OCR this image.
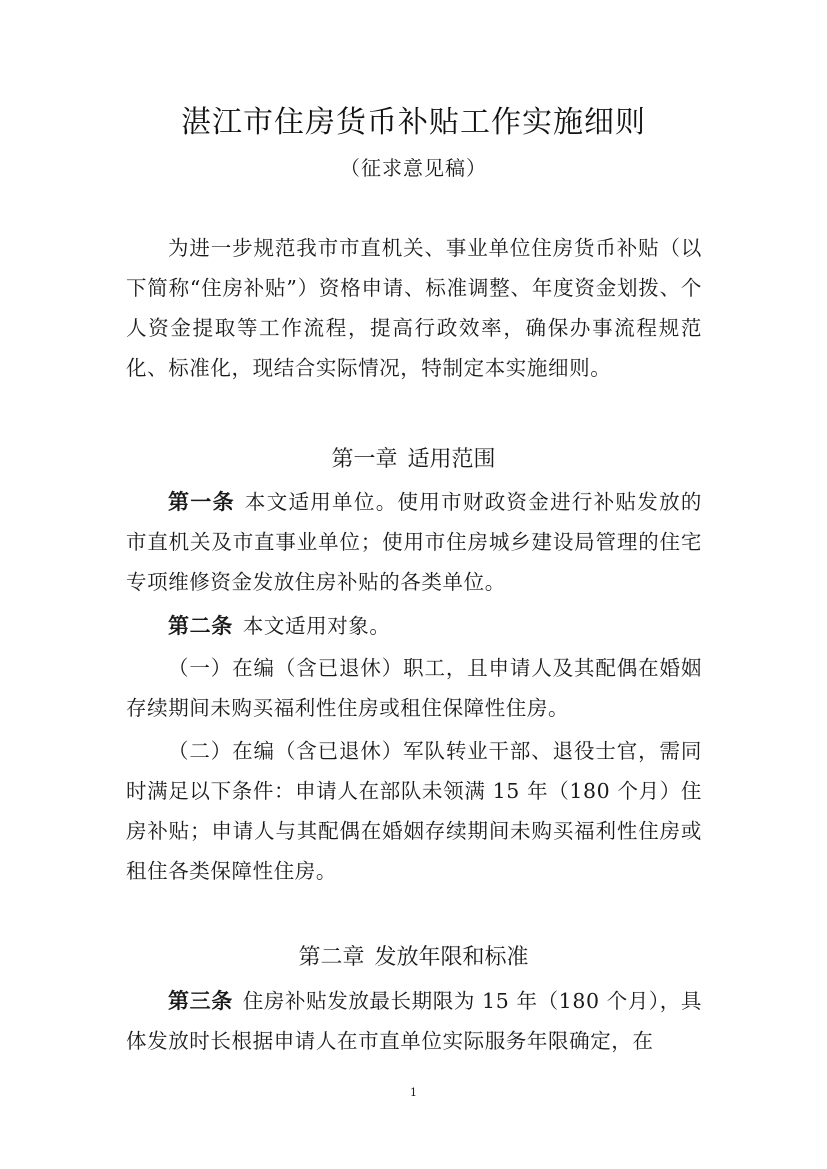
湛江市住房货币补贴工作实施细则
（征求意见稿）
为进一步规范我市市直机关、事业单位住房货币补贴（以下简称“住房补贴”）资格申请、标准调整、年度资金划拨、个人资金提取等工作流程，提高行政效率，确保办事流程规范化、标准化，现结合实际情况，特制定本实施细则。
第一章 适用范围
第一条 本文适用单位。使用市财政资金进行补贴发放的市直机关及市直事业单位；使用市住房城乡建设局管理的住宅专项维修资金发放住房补贴的各类单位。
第二条 本文适用对象。
（一）在编（含已退休）职工，且申请人及其配偶在婚姻存续期间未购买福利性住房或租住保障性住房。
（二）在编（含已退休）军队转业干部、退役士官，需同时满足以下条件：申请人在部队未领满 15 年（180 个月）住房补贴；申请人与其配偶在婚姻存续期间未购买福利性住房或租住各类保障性住房。
第二章 发放年限和标准
第三条 住房补贴发放最长期限为 15 年（180 个月），具体发放时长根据申请人在市直单位实际服务年限确定，在
1
